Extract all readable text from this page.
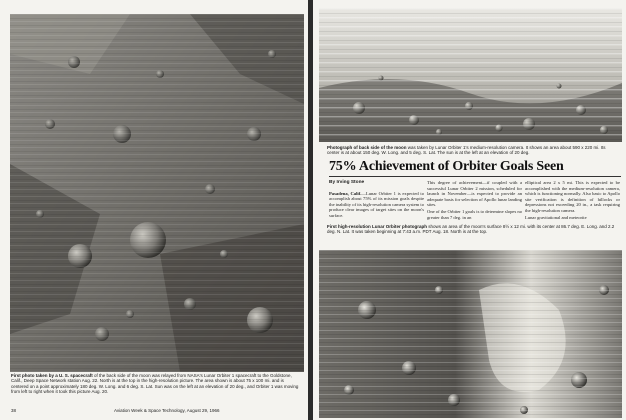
First photo taken by a U. S. spacecraft of the back side of the moon was relayed from NASA's Lunar Orbiter 1 spacecraft to the Goldstone, Calif., Deep Space Network station Aug. 22. North is at the top in the high-resolution picture. The area shown is about 75 x 100 mi. and is centered on a point approximately 180 deg. W. Long. and 6 deg. S. Lat. Sun was on the left at an elevation of 20 deg., and Orbiter 1 was moving from left to right when it took this picture Aug. 20.

38	Aviation Week & Space Technology, August 29, 1966

Photograph of back side of the moon was taken by Lunar Orbiter 1's medium-resolution camera. It shows an area about 590 x 220 mi. Its center is at about 150 deg. W. Long. and 5 deg. S. Lat. The sun is at the left at an elevation of 20 deg.

75% Achievement of Orbiter Goals Seen

By Irving Stone

Pasadena, Calif.—Lunar Orbiter 1 is expected to accomplish about 75% of its mission goals despite the inability of its high-resolution camera system to produce clear images of target sites on the moon's surface.

This degree of achievement—if coupled with a successful Lunar Orbiter 2 mission, scheduled for launch in November—is expected to provide an adequate basis for selection of Apollo lunar landing sites.

One of the Orbiter 1 goals is to determine slopes no greater than 7 deg. in an

elliptical area 2 x 5 mi. This is expected to be accomplished with the medium-resolution camera, which is functioning normally. Also basic to Apollo site verification is definition of hillocks or depressions not exceeding 20 in., a task requiring the high-resolution camera.

Lunar gravitational and meteorite

First high-resolution Lunar Orbiter photograph shows an area of the moon's surface 8½ x 12 mi. with its center at 86.7 deg. E. Long. and 2.2 deg. N. Lat. It was taken beginning at 7:43 a.m. PDT Aug. 18. North is at the top.
